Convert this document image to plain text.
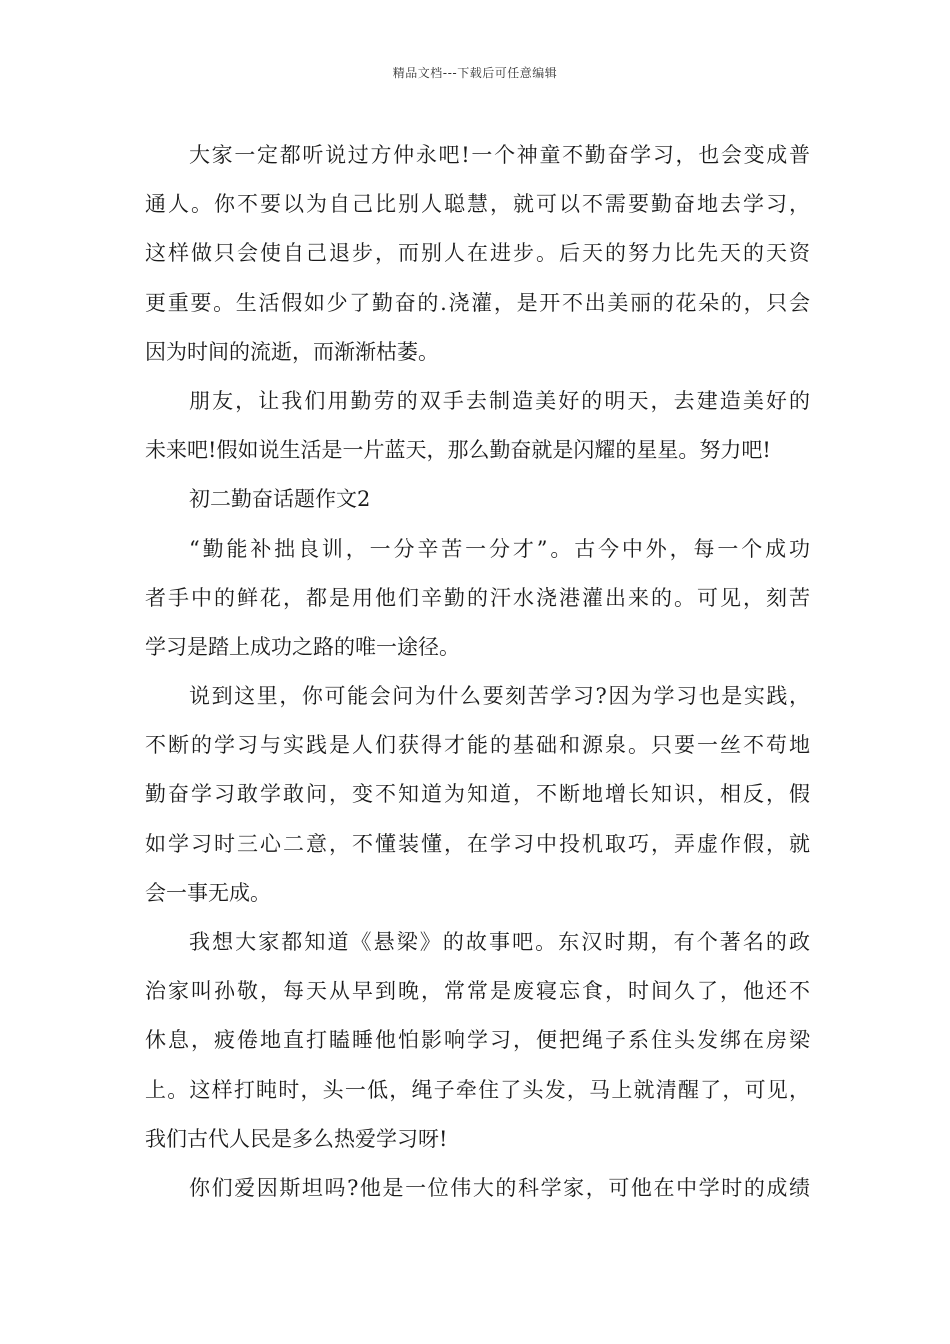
精品文档---下载后可任意编辑
大家一定都听说过方仲永吧!一个神童不勤奋学习，也会变成普
通人。你不要以为自己比别人聪慧，就可以不需要勤奋地去学习，
这样做只会使自己退步，而别人在进步。后天的努力比先天的天资
更重要。生活假如少了勤奋的.浇灌，是开不出美丽的花朵的，只会
因为时间的流逝，而渐渐枯萎。
朋友，让我们用勤劳的双手去制造美好的明天，去建造美好的
未来吧!假如说生活是一片蓝天，那么勤奋就是闪耀的星星。努力吧!
初二勤奋话题作文2
“勤能补拙良训，一分辛苦一分才”。古今中外，每一个成功
者手中的鲜花，都是用他们辛勤的汗水浇港灌出来的。可见，刻苦
学习是踏上成功之路的唯一途径。
说到这里，你可能会问为什么要刻苦学习?因为学习也是实践，
不断的学习与实践是人们获得才能的基础和源泉。只要一丝不苟地
勤奋学习敢学敢问，变不知道为知道，不断地增长知识，相反，假
如学习时三心二意，不懂装懂，在学习中投机取巧，弄虚作假，就
会一事无成。
我想大家都知道《悬梁》的故事吧。东汉时期，有个著名的政
治家叫孙敬，每天从早到晚，常常是废寝忘食，时间久了，他还不
休息，疲倦地直打瞌睡他怕影响学习，便把绳子系住头发绑在房梁
上。这样打盹时，头一低，绳子牵住了头发，马上就清醒了，可见，
我们古代人民是多么热爱学习呀!
你们爱因斯坦吗?他是一位伟大的科学家，可他在中学时的成绩
